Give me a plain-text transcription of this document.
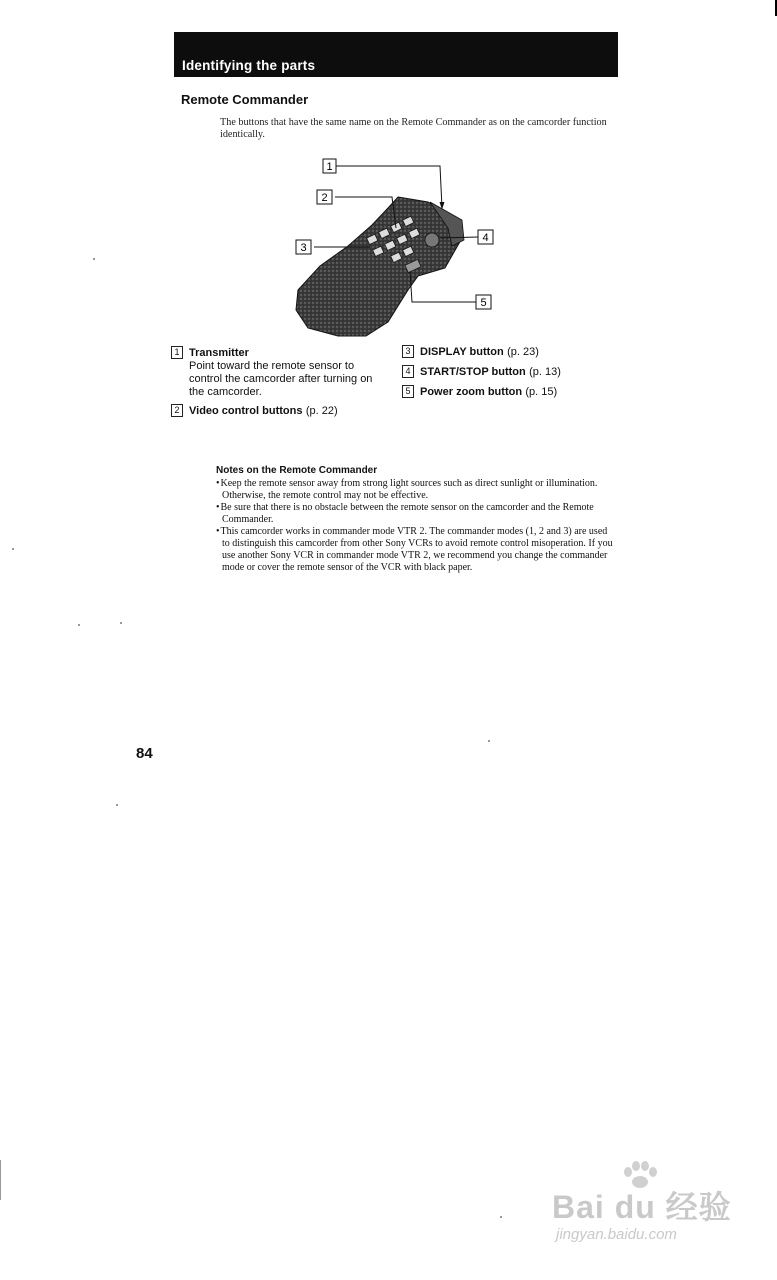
Identifying the parts
Remote Commander
The buttons that have the same name on the Remote Commander as on the camcorder function identically.
1
2
3
4
5
1 Transmitter
Point toward the remote sensor to control the camcorder after turning on the camcorder.
2 Video control buttons (p. 22)
3 DISPLAY button (p. 23)
4 START/STOP button (p. 13)
5 Power zoom button (p. 15)
Notes on the Remote Commander
• Keep the remote sensor away from strong light sources such as direct sunlight or illumination. Otherwise, the remote control may not be effective.
• Be sure that there is no obstacle between the remote sensor on the camcorder and the Remote Commander.
• This camcorder works in commander mode VTR 2. The commander modes (1, 2 and 3) are used to distinguish this camcorder from other Sony VCRs to avoid remote control misoperation. If you use another Sony VCR in commander mode VTR 2, we recommend you change the commander mode or cover the remote sensor of the VCR with black paper.
84
Bai du 经验
jingyan.baidu.com
